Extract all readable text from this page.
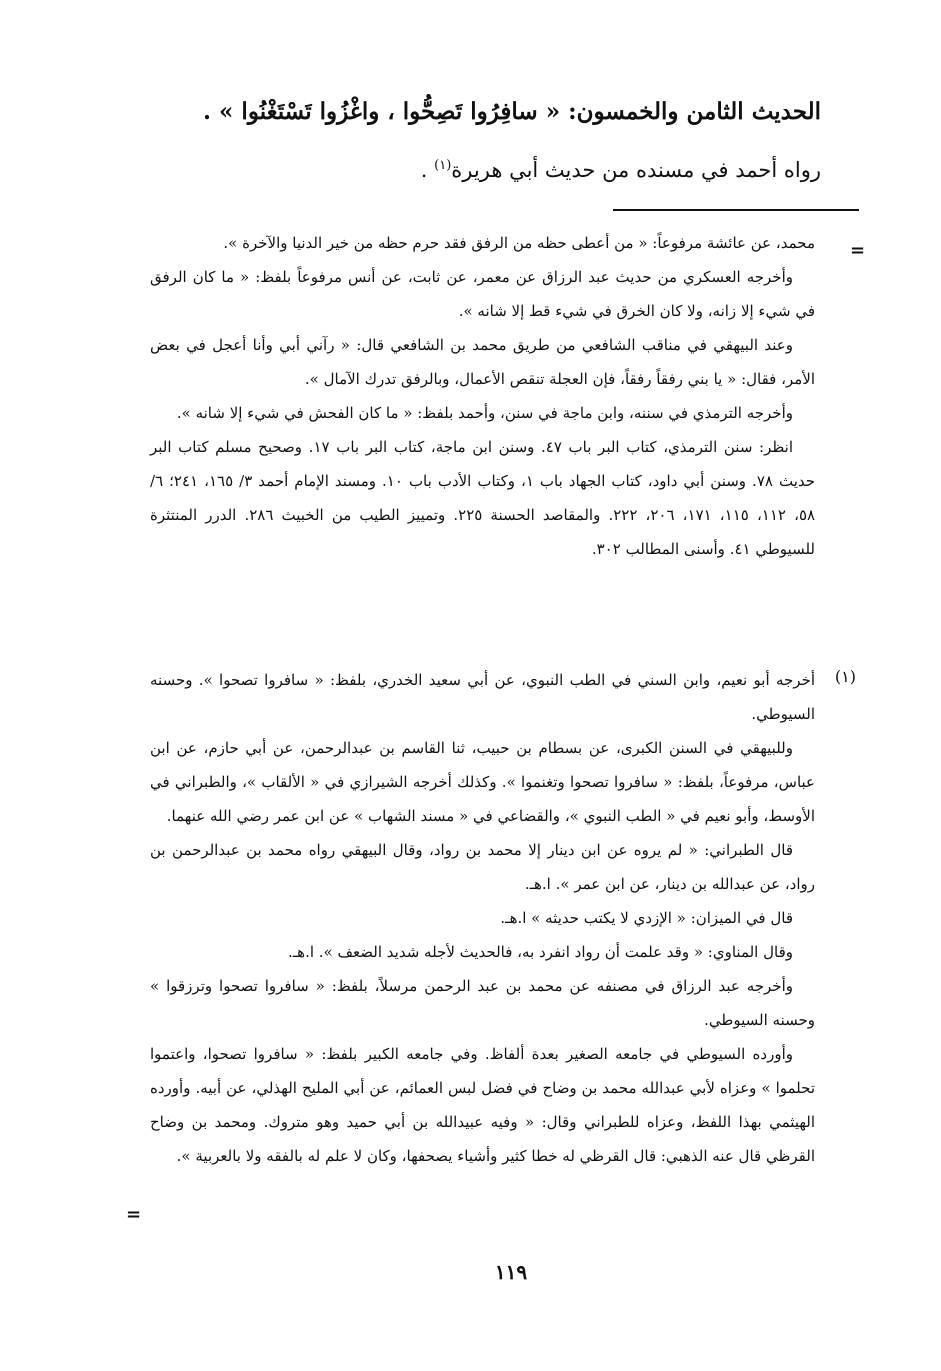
الحديث الثامن والخمسون: « سافِرُوا تَصِحُّوا ، واغْزُوا تَسْتَغْنُوا » .
رواه أحمد في مسنده من حديث أبي هريرة$^{(١)}$ .
=

محمد، عن عائشة مرفوعاً: « من أعطى حظه من الرفق فقد حرم حظه من خير الدنيا والآخرة ».

وأخرجه العسكري من حديث عبد الرزاق عن معمر، عن ثابت، عن أنس مرفوعاً بلفظ: « ما كان الرفق في شيء إلا زانه، ولا كان الخرق في شيء قط إلا شانه ».

وعند البيهقي في مناقب الشافعي من طريق محمد بن الشافعي قال: « رآني أبي وأنا أعجل في بعض الأمر، فقال: « يا بني رفقاً رفقاً، فإن العجلة تنقص الأعمال، وبالرفق تدرك الآمال ».

وأخرجه الترمذي في سننه، وابن ماجة في سنن، وأحمد بلفظ: « ما كان الفحش في شيء إلا شانه ».

انظر: سنن الترمذي، كتاب البر باب ٤٧. وسنن ابن ماجة، كتاب البر باب ١٧. وصحيح مسلم كتاب البر حديث ٧٨. وسنن أبي داود، كتاب الجهاد باب ١، وكتاب الأدب باب ١٠. ومسند الإمام أحمد ٣/ ١٦٥، ٢٤١؛ ٦/ ٥٨، ١١٢، ١١٥، ١٧١، ٢٠٦، ٢٢٢. والمقاصد الحسنة ٢٢٥. وتمييز الطيب من الخبيث ٢٨٦. الدرر المنتثرة للسيوطي ٤١. وأسنى المطالب ٣٠٢.

(١)

أخرجه أبو نعيم، وابن السني في الطب النبوي، عن أبي سعيد الخدري، بلفظ: « سافروا تصحوا ». وحسنه السيوطي.

وللبيهقي في السنن الكبرى، عن بسطام بن حبيب، ثنا القاسم بن عبدالرحمن، عن أبي حازم، عن ابن عباس، مرفوعاً، بلفظ: « سافروا تصحوا وتغنموا ». وكذلك أخرجه الشيرازي في « الألقاب »، والطبراني في الأوسط، وأبو نعيم في « الطب النبوي »، والقضاعي في « مسند الشهاب » عن ابن عمر رضي الله عنهما.

قال الطبراني: « لم يروه عن ابن دينار إلا محمد بن رواد، وقال البيهقي رواه محمد بن عبدالرحمن بن رواد، عن عبدالله بن دينار، عن ابن عمر ». ا.هـ.

قال في الميزان: « الإزدي لا يكتب حديثه » ا.هـ.

وقال المناوي: « وقد علمت أن رواد انفرد به، فالحديث لأجله شديد الضعف ». ا.هـ.

وأخرجه عبد الرزاق في مصنفه عن محمد بن عبد الرحمن مرسلاً، بلفظ: « سافروا تصحوا وترزقوا » وحسنه السيوطي.

وأورده السيوطي في جامعه الصغير بعدة ألفاظ. وفي جامعه الكبير بلفظ: « سافروا تصحوا، واعتموا تحلموا » وعزاه لأبي عبدالله محمد بن وضاح في فضل لبس العمائم، عن أبي المليح الهذلي، عن أبيه. وأورده الهيثمي بهذا اللفظ، وعزاه للطبراني وقال: « وفيه عبيدالله بن أبي حميد وهو متروك. ومحمد بن وضاح القرظي قال عنه الذهبي: قال القرظي له خطا كثير وأشياء يصحفها، وكان لا علم له بالفقه ولا بالعربية ».

=
١١٩
